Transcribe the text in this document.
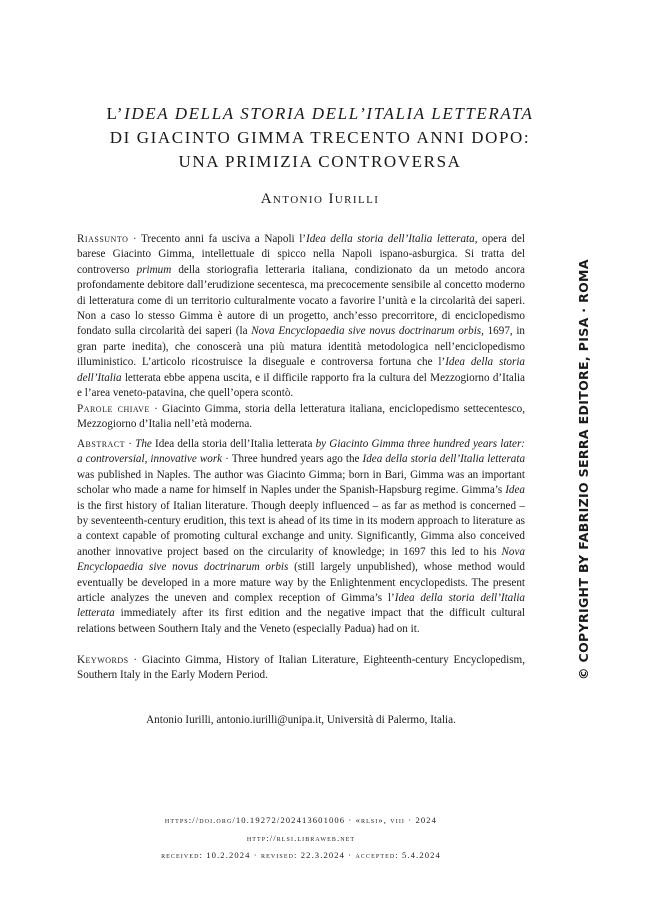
L’IDEA DELLA STORIA DELL’ITALIA LETTERATA
DI GIACINTO GIMMA TRECENTO ANNI DOPO:
UNA PRIMIZIA CONTROVERSA
Antonio Iurilli
Riassunto · Trecento anni fa usciva a Napoli l’Idea della storia dell’Italia letterata, opera del barese Giacinto Gimma, intellettuale di spicco nella Napoli ispano-asburgica. Si tratta del controverso primum della storiografia letteraria italiana, condizionato da un metodo ancora profondamente debitore dall’erudizione secentesca, ma precocemente sensibile al concetto moderno di letteratura come di un territorio culturalmente vocato a favorire l’unità e la circolarità dei saperi. Non a caso lo stesso Gimma è autore di un progetto, anch’esso precorritore, di enciclopedismo fondato sulla circolarità dei saperi (la Nova Encyclopaedia sive novus doctrinarum orbis, 1697, in gran parte inedita), che conoscerà una più matura identità metodologica nell’enciclopedismo illuministico. L’articolo ricostruisce la diseguale e controversa fortuna che l’Idea della storia dell’Italia letterata ebbe appena uscita, e il difficile rapporto fra la cultura del Mezzogiorno d’Italia e l’area veneto-patavina, che quell’opera scontò.
Parole chiave · Giacinto Gimma, storia della letteratura italiana, enciclopedismo settecentesco, Mezzogiorno d’Italia nell’età moderna.
Abstract · The Idea della storia dell’Italia letterata by Giacinto Gimma three hundred years later: a controversial, innovative work · Three hundred years ago the Idea della storia dell’Italia letterata was published in Naples. The author was Giacinto Gimma; born in Bari, Gimma was an important scholar who made a name for himself in Naples under the Spanish-Hapsburg regime. Gimma’s Idea is the first history of Italian literature. Though deeply influenced – as far as method is concerned – by seventeenth-century erudition, this text is ahead of its time in its modern approach to literature as a context capable of promoting cultural exchange and unity. Significantly, Gimma also conceived another innovative project based on the circularity of knowledge; in 1697 this led to his Nova Encyclopaedia sive novus doctrinarum orbis (still largely unpublished), whose method would eventually be developed in a more mature way by the Enlightenment encyclopedists. The present article analyzes the uneven and complex reception of Gimma’s l’Idea della storia dell’Italia letterata immediately after its first edition and the negative impact that the difficult cultural relations between Southern Italy and the Veneto (especially Padua) had on it.
Keywords · Giacinto Gimma, History of Italian Literature, Eighteenth-century Encyclopedism, Southern Italy in the Early Modern Period.
Antonio Iurilli, antonio.iurilli@unipa.it, Università di Palermo, Italia.
https://doi.org/10.19272/202413601006 · «rlsi», viii · 2024
http://rlsi.libraweb.net
received: 10.2.2024 · revised: 22.3.2024 · accepted: 5.4.2024
© COPYRIGHT BY FABRIZIO SERRA EDITORE, PISA · ROMA
